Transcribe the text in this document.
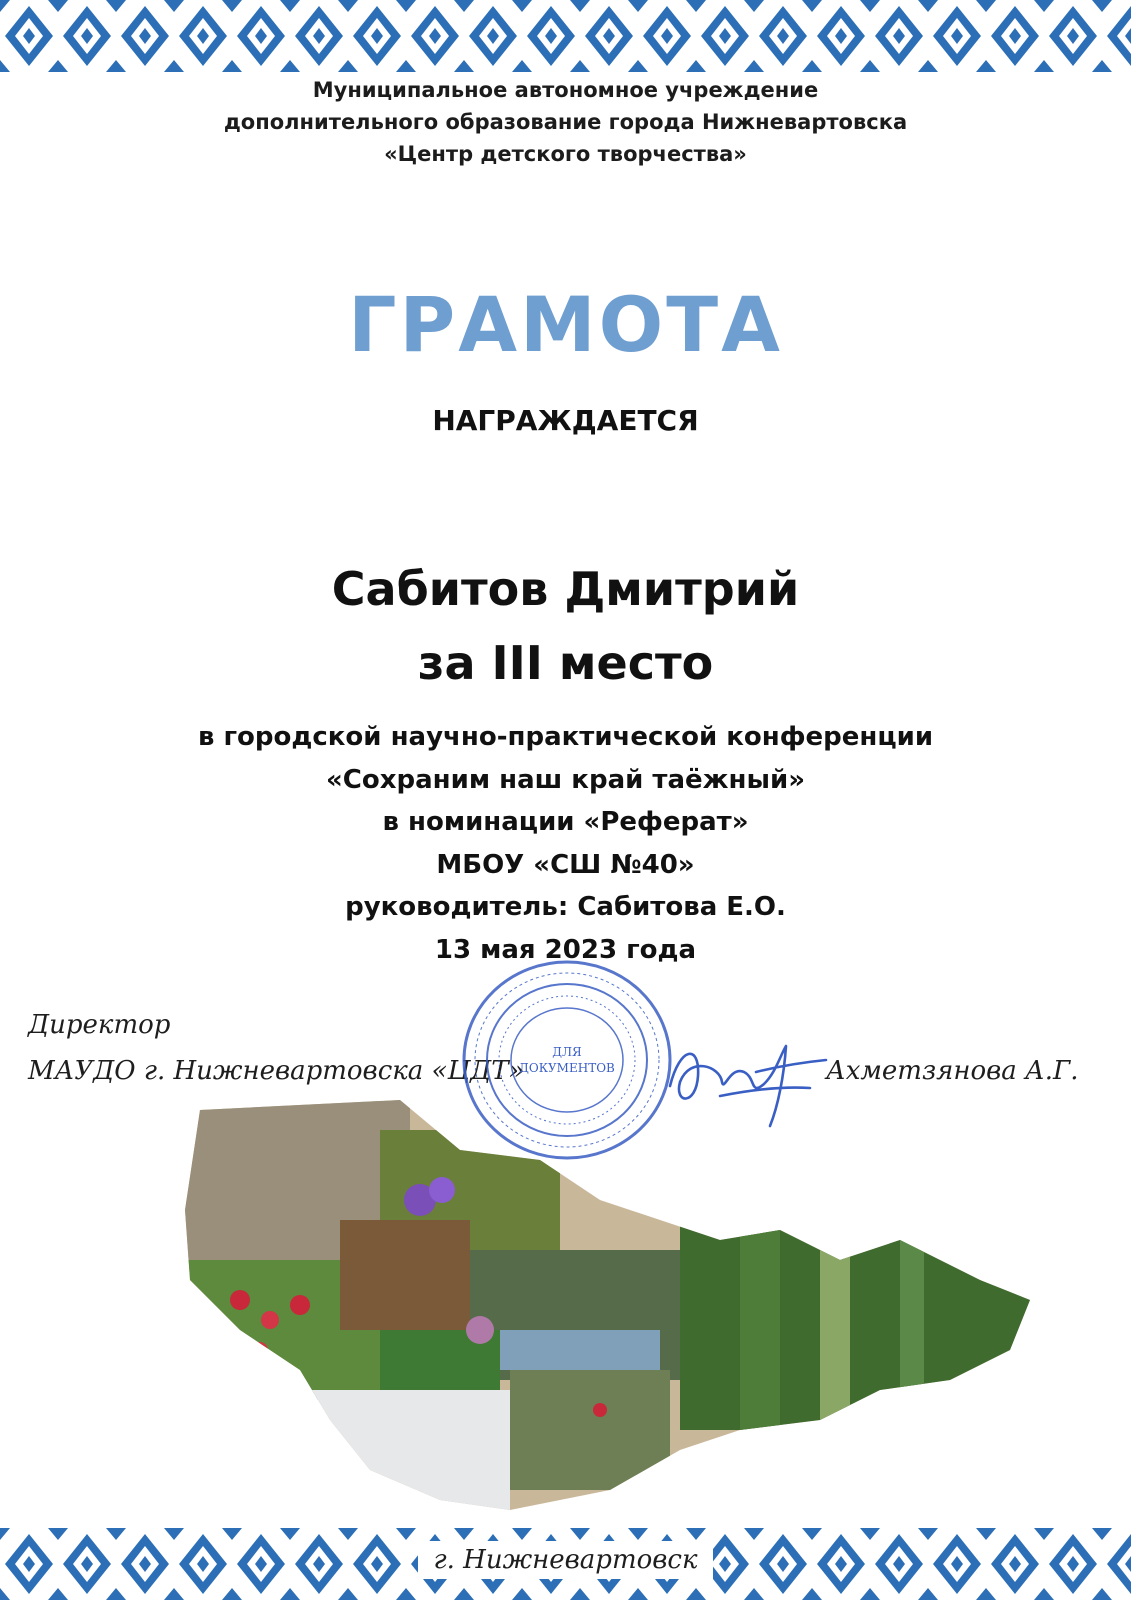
Муниципальное автономное учреждение
дополнительного образование города Нижневартовска
«Центр детского творчества»
ГРАМОТА
НАГРАЖДАЕТСЯ
Сабитов Дмитрий
за III место
в городской научно-практической конференции
«Сохраним наш край таёжный»
в номинации «Реферат»
МБОУ «СШ №40»
руководитель: Сабитова Е.О.
13 мая 2023 года
Директор
МАУДО г. Нижневартовска «ЦДТ»	Ахметзянова А.Г.
ДЛЯ
ДОКУМЕНТОВ
г. Нижневартовск
